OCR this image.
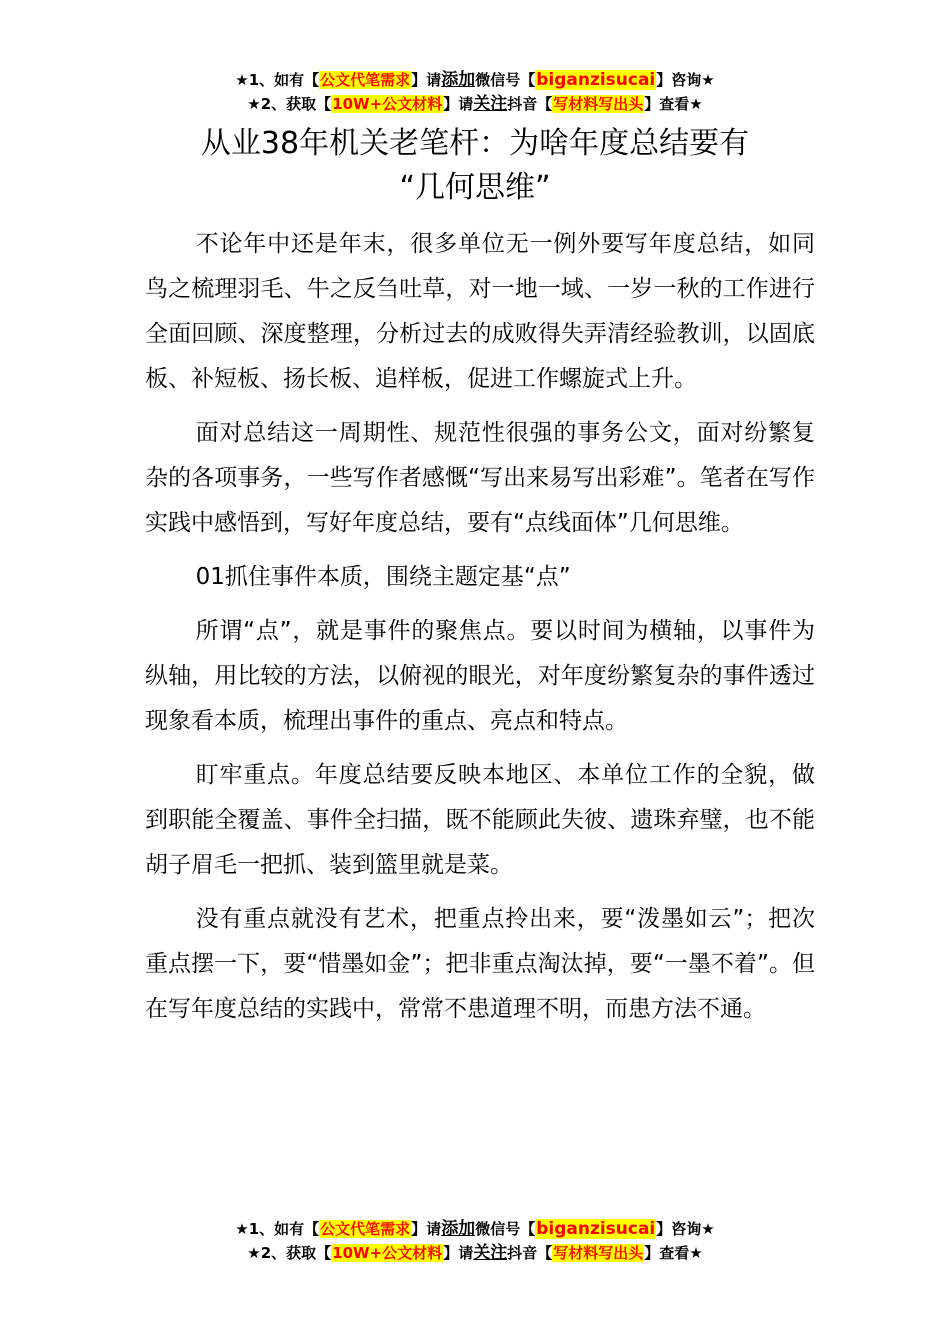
★1、如有【公文代笔需求】请添加微信号【biganzisucai】咨询★
★2、获取【10W+公文材料】请关注抖音【写材料写出头】查看★
从业38年机关老笔杆：为啥年度总结要有
“几何思维”

不论年中还是年末，很多单位无一例外要写年度总结，如同鸟之梳理羽毛、牛之反刍吐草，对一地一域、一岁一秋的工作进行全面回顾、深度整理，分析过去的成败得失弄清经验教训，以固底板、补短板、扬长板、追样板，促进工作螺旋式上升。

面对总结这一周期性、规范性很强的事务公文，面对纷繁复杂的各项事务，一些写作者感慨“写出来易写出彩难”。笔者在写作实践中感悟到，写好年度总结，要有“点线面体”几何思维。

01抓住事件本质，围绕主题定基“点”

所谓“点”，就是事件的聚焦点。要以时间为横轴，以事件为纵轴，用比较的方法，以俯视的眼光，对年度纷繁复杂的事件透过现象看本质，梳理出事件的重点、亮点和特点。

盯牢重点。年度总结要反映本地区、本单位工作的全貌，做到职能全覆盖、事件全扫描，既不能顾此失彼、遗珠弃璧，也不能胡子眉毛一把抓、装到篮里就是菜。

没有重点就没有艺术，把重点拎出来，要“泼墨如云”；把次重点摆一下，要“惜墨如金”；把非重点淘汰掉，要“一墨不着”。但在写年度总结的实践中，常常不患道理不明，而患方法不通。

★1、如有【公文代笔需求】请添加微信号【biganzisucai】咨询★
★2、获取【10W+公文材料】请关注抖音【写材料写出头】查看★
